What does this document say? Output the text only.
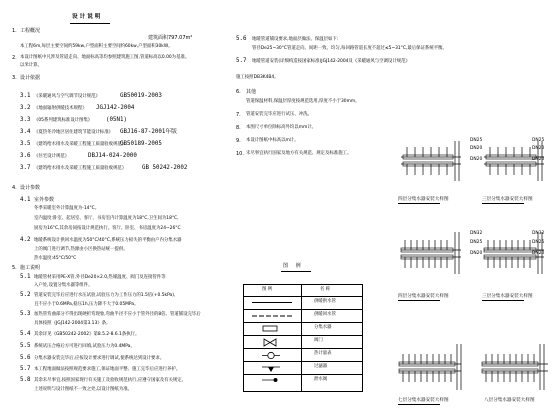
设计说明
1. 工程概况
建筑面积797.07m²
本工程6m,每层主要空间约59kw,户型面积主要空间约60kw,户型面积30kW。
2. 本设计图纸中凡涉及管道走向、地面标高等均参照建筑施工图,管道标高以0.00为基准。
以米计算。
3. 设计依据
3.1 《采暖通风与空气调节设计规范》	GB50019-2003
3.2 《地面辐射供暖技术规程》 JGJ142-2004
3.3 《05系列建筑标准设计图集》 (05N1)
3.4 《夏热冬冷地区居住建筑节能设计标准》 GBJ16-87-2001年版
3.5 《建筑给水排水及采暖工程施工质量验收规范》
GB50189-2005
3.6 《住宅设计规范》	DBJ14-024-2000
3.7 《建筑给水排水及采暖工程施工质量验收规范》	GB 50242-2002
4. 设计参数
4.1 室外参数
冬季采暖室外计算温度为-14°C。
室内温度:卧室、起居室、客厅、书房室内计算温度为18°C,卫生间为18°C,
厨房为16°C,其余房间按设计规范执行。客厅、卧室、书房温度为24~26°C
4.2 地暖系统设计供回水温度为50°C/40°C,系统压力损失的平衡由户内分集水器
上的阀门进行调节,热源由小区换热站统一提供。
热水温度:45°C/50°C
5. 施工说明
5.1 地暖管材采用PE-X管,外径De20×2.0,热媒温度、阀门及连接管件等
入户处,设置分集水器等组件。
5.2 管道安装完毕后应进行水压试验,试验压力为工作压力的1.5倍(+0.5kPa),
且不应小于0.6MPa,稳压1h,压力降不大于0.05MPa。
5.3 加热管弯曲部分不得出现硬折弯现象,弯曲半径不应小于管外径的8倍。管道铺设完毕后
具体按照《JGJ142-2004第3.13》条。
5.4 其余详见《GB50242-2002》第8.5.2-8.6.1条执行。
5.5 系统试压合格后方可进行回填,试验压力为0.4MPa。
5.6 分集水器安装完毕后,应按设计要求进行调试,使系统达到设计要求。
5.7 本工程地面做法按照规范要求施工,保证地面平整、施工完毕后应进行养护。
5.8 其余未尽事宜,按照国家现行有关施工及验收规范执行,应遵守国家及有关规定。
上述说明与设计图纸不一致之处,以设计图纸为准。
5.6 地暖管道铺设要求,地面层做法、保温层如下:
管径De25~30°C管道走向、间距一致、均匀,每回路管道长度不超过≤5~31°C,最后保证系统平衡。
5.7 地暖管道安装(详细构造按国家标准)JGJ142-2004及《采暖通风与空调设计规范》
施工按照DB3K4B4。
6. 其他
管道保温材料,保温层厚度按规范选用,厚度不小于30mm。
7. 管道安装完毕应进行试压、冲洗。
8. 本图尺寸单位除标高外均以mm计。
9. 本设计图纸中标高以m计。
10. 未尽事宜执行国家及地方有关规范、规定及标准施工。
图 例
图 例	名 称
供暖供水管
供暖回水管
分集水器
阀门
热计量表
过滤器
泄水阀
DN25
DN20
DN20
四层分集水器安装大样图
DN25
DN20
DN20
三层分集水器安装大样图
DN32
DN25
DN20
四层分集水器安装大样图
DN32
DN25
DN20
三层分集水器安装大样图
七层分集水器安装大样图	八层分集水器安装大样图
